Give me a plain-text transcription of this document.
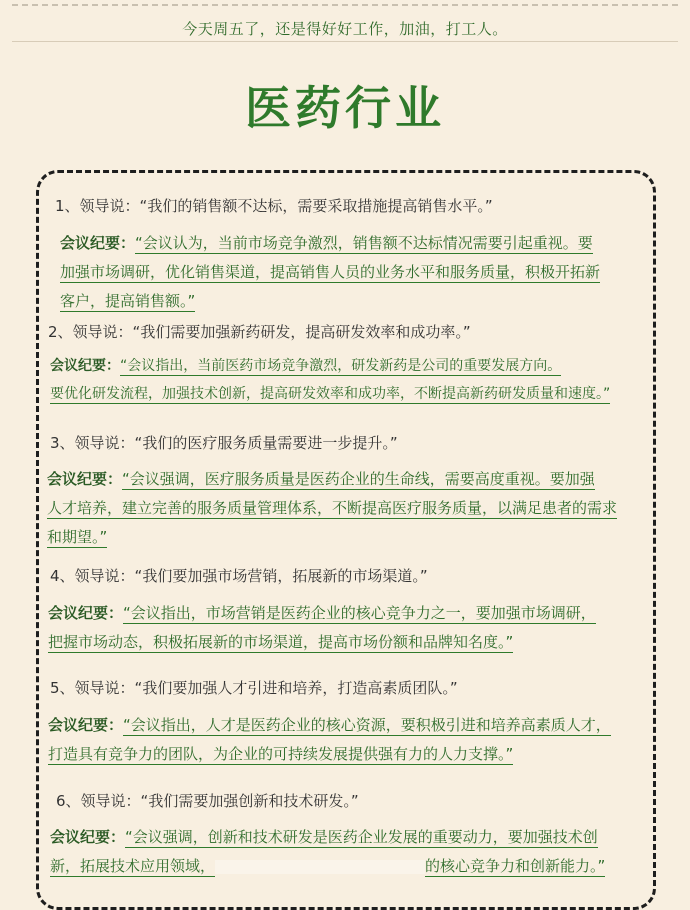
今天周五了，还是得好好工作，加油，打工人。
医药行业
1、领导说：“我们的销售额不达标，需要采取措施提高销售水平。”
会议纪要：“会议认为，当前市场竞争激烈，销售额不达标情况需要引起重视。要
加强市场调研，优化销售渠道，提高销售人员的业务水平和服务质量，积极开拓新
客户，提高销售额。”
2、领导说：“我们需要加强新药研发，提高研发效率和成功率。”
会议纪要：“会议指出，当前医药市场竞争激烈，研发新药是公司的重要发展方向。
要优化研发流程，加强技术创新，提高研发效率和成功率，不断提高新药研发质量和速度。”
3、领导说：“我们的医疗服务质量需要进一步提升。”
会议纪要：“会议强调，医疗服务质量是医药企业的生命线，需要高度重视。要加强
人才培养，建立完善的服务质量管理体系，不断提高医疗服务质量，以满足患者的需求
和期望。”
4、领导说：“我们要加强市场营销，拓展新的市场渠道。”
会议纪要：“会议指出，市场营销是医药企业的核心竞争力之一，要加强市场调研，
把握市场动态，积极拓展新的市场渠道，提高市场份额和品牌知名度。”
5、领导说：“我们要加强人才引进和培养，打造高素质团队。”
会议纪要：“会议指出，人才是医药企业的核心资源，要积极引进和培养高素质人才，
打造具有竞争力的团队，为企业的可持续发展提供强有力的人力支撑。”
6、领导说：“我们需要加强创新和技术研发。”
会议纪要：“会议强调，创新和技术研发是医药企业发展的重要动力，要加强技术创
新，拓展技术应用领域，	的核心竞争力和创新能力。”
